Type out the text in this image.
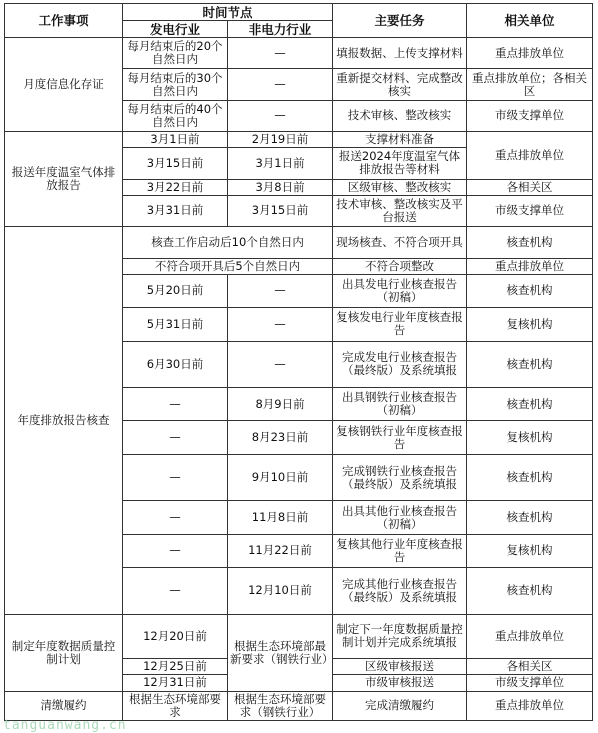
工作事项	时间节点		主要任务	相关单位
	发电行业	非电力行业		
月度信息化存证	每月结束后的20个自然日内	—	填报数据、上传支撑材料	重点排放单位
	每月结束后的30个自然日内	—	重新提交材料、完成整改核实	重点排放单位；各相关区
	每月结束后的40个自然日内	—	技术审核、整改核实	市级支撑单位
报送年度温室气体排放报告	3月1日前	2月19日前	支撑材料准备	重点排放单位
	3月15日前	3月1日前	报送2024年度温室气体排放报告等材料	
	3月22日前	3月8日前	区级审核、整改核实	各相关区
	3月31日前	3月15日前	技术审核、整改核实及平台报送	市级支撑单位
年度排放报告核查	核查工作启动后10个自然日内		现场核查、不符合项开具	核查机构
	不符合项开具后5个自然日内		不符合项整改	重点排放单位
	5月20日前	—	出具发电行业核查报告（初稿）	核查机构
	5月31日前	—	复核发电行业年度核查报告	复核机构
	6月30日前	—	完成发电行业核查报告（最终版）及系统填报	核查机构
	—	8月9日前	出具钢铁行业核查报告（初稿）	核查机构
	—	8月23日前	复核钢铁行业年度核查报告	复核机构
	—	9月10日前	完成钢铁行业核查报告（最终版）及系统填报	核查机构
	—	11月8日前	出具其他行业核查报告（初稿）	核查机构
	—	11月22日前	复核其他行业年度核查报告	复核机构
	—	12月10日前	完成其他行业核查报告（最终版）及系统填报	核查机构
制定年度数据质量控制计划	12月20日前	根据生态环境部最新要求（钢铁行业）	制定下一年度数据质量控制计划并完成系统填报	重点排放单位
	12月25日前		区级审核报送	各相关区
	12月31日前		市级审核报送	市级支撑单位
清缴履约	根据生态环境部要求	根据生态环境部要求（钢铁行业）	完成清缴履约	重点排放单位
tanguanwang.cn
